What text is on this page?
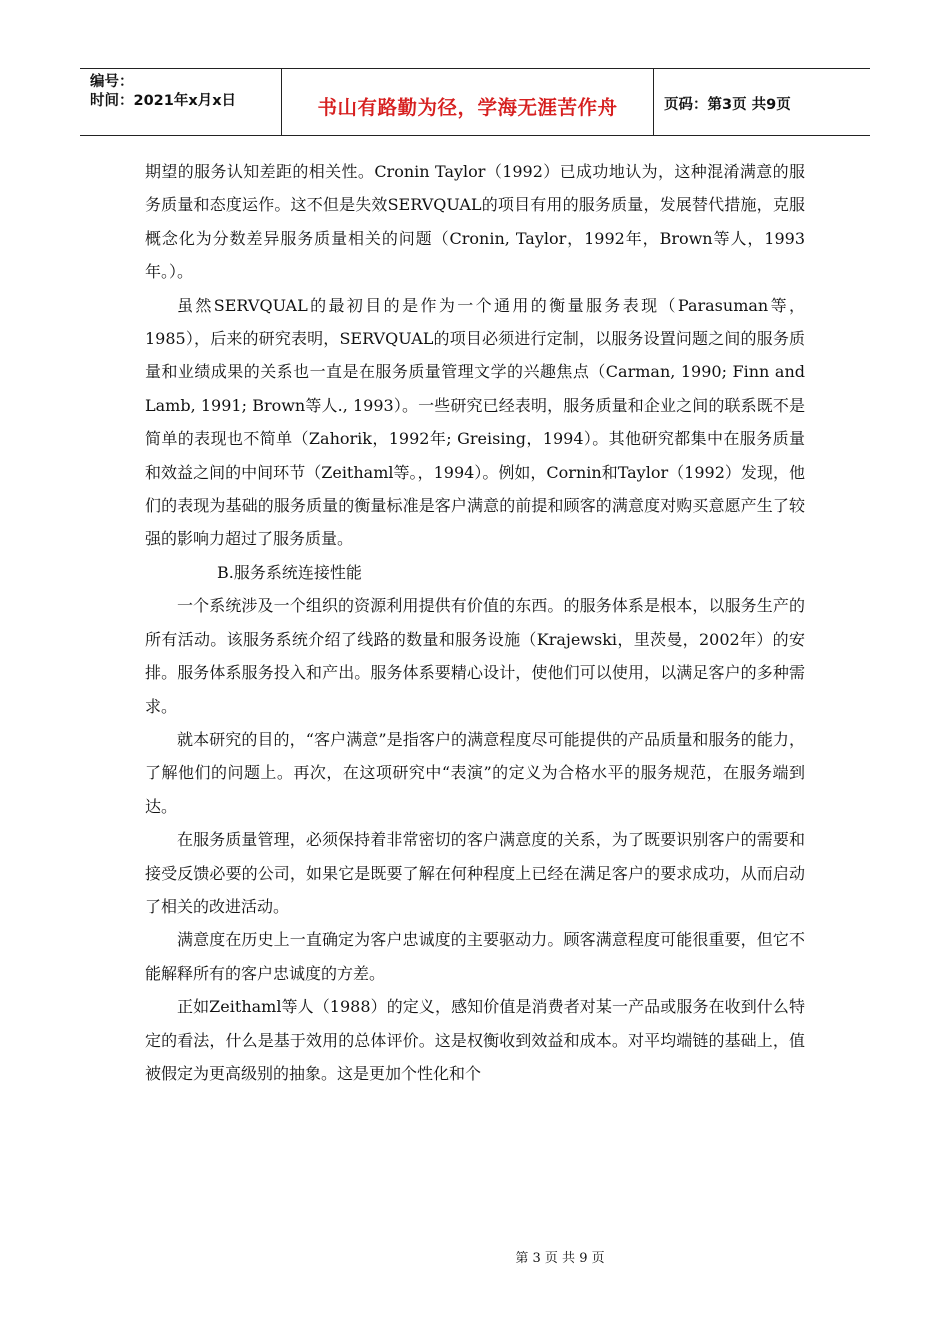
编号：
时间：2021年x月x日	书山有路勤为径，学海无涯苦作舟	页码：第3页 共9页

期望的服务认知差距的相关性。Cronin Taylor（1992）已成功地认为，这种混淆满意的服务质量和态度运作。这不但是失效SERVQUAL的项目有用的服务质量，发展替代措施，克服概念化为分数差异服务质量相关的问题（Cronin, Taylor，1992年，Brown等人，1993年。）。

虽然SERVQUAL的最初目的是作为一个通用的衡量服务表现（Parasuman等，1985），后来的研究表明，SERVQUAL的项目必须进行定制，以服务设置问题之间的服务质量和业绩成果的关系也一直是在服务质量管理文学的兴趣焦点（Carman, 1990; Finn and Lamb, 1991; Brown等人., 1993）。一些研究已经表明，服务质量和企业之间的联系既不是简单的表现也不简单（Zahorik，1992年; Greising，1994）。其他研究都集中在服务质量和效益之间的中间环节（Zeithaml等。，1994）。例如，Cornin和Taylor（1992）发现，他们的表现为基础的服务质量的衡量标准是客户满意的前提和顾客的满意度对购买意愿产生了较强的影响力超过了服务质量。

B.服务系统连接性能

一个系统涉及一个组织的资源利用提供有价值的东西。的服务体系是根本，以服务生产的所有活动。该服务系统介绍了线路的数量和服务设施（Krajewski，里茨曼，2002年）的安排。服务体系服务投入和产出。服务体系要精心设计，使他们可以使用，以满足客户的多种需求。

就本研究的目的，“客户满意”是指客户的满意程度尽可能提供的产品质量和服务的能力，了解他们的问题上。再次，在这项研究中“表演”的定义为合格水平的服务规范，在服务端到达。

在服务质量管理，必须保持着非常密切的客户满意度的关系，为了既要识别客户的需要和接受反馈必要的公司，如果它是既要了解在何种程度上已经在满足客户的要求成功，从而启动了相关的改进活动。

满意度在历史上一直确定为客户忠诚度的主要驱动力。顾客满意程度可能很重要，但它不能解释所有的客户忠诚度的方差。

正如Zeithaml等人（1988）的定义，感知价值是消费者对某一产品或服务在收到什么特定的看法，什么是基于效用的总体评价。这是权衡收到效益和成本。对平均端链的基础上，值被假定为更高级别的抽象。这是更加个性化和个

第 3 页 共 9 页
